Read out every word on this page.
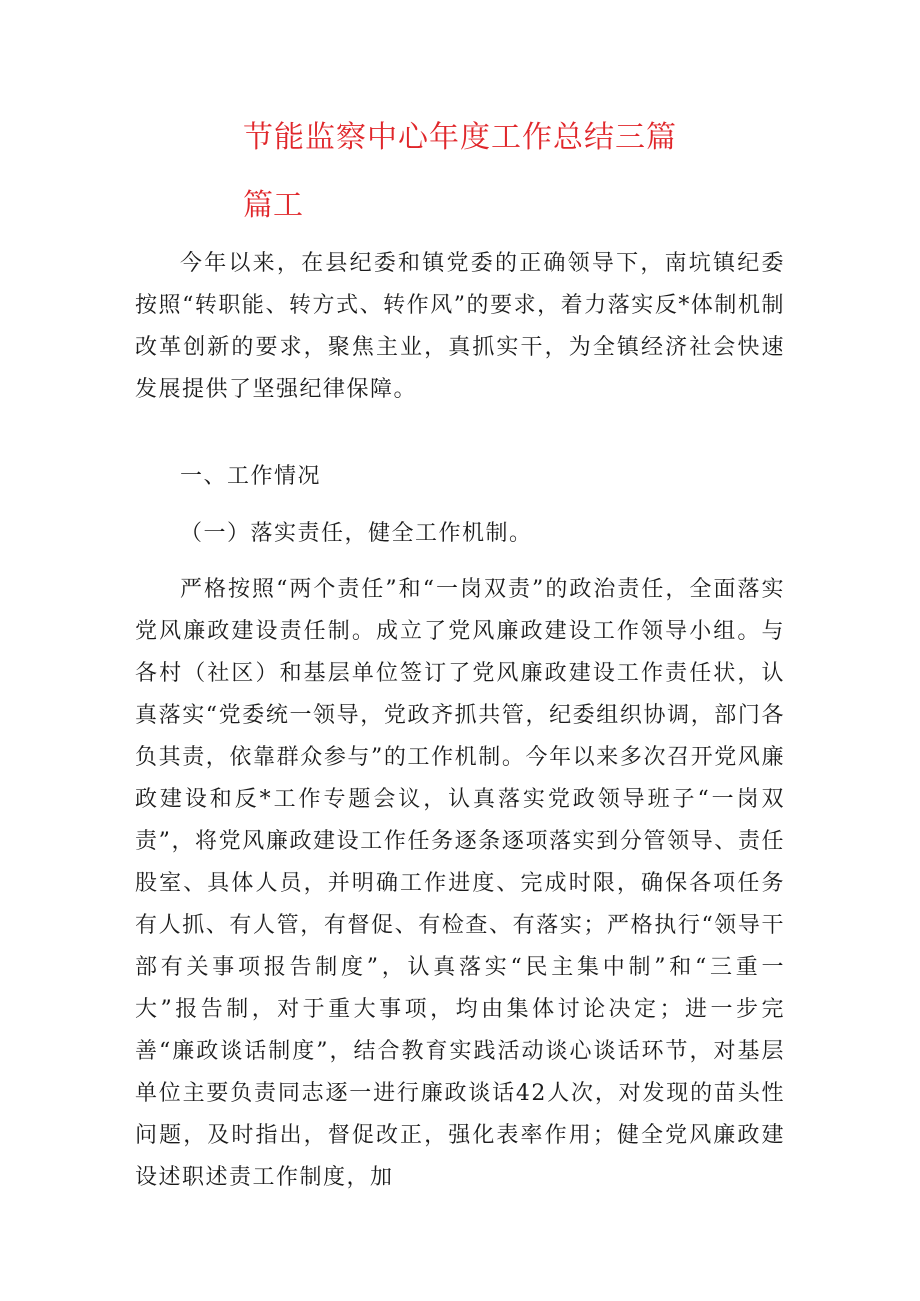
节能监察中心年度工作总结三篇
篇工

今年以来，在县纪委和镇党委的正确领导下，南坑镇纪委按照“转职能、转方式、转作风”的要求，着力落实反*体制机制改革创新的要求，聚焦主业，真抓实干，为全镇经济社会快速发展提供了坚强纪律保障。

一、工作情况

（一）落实责任，健全工作机制。

严格按照“两个责任”和“一岗双责”的政治责任，全面落实党风廉政建设责任制。成立了党风廉政建设工作领导小组。与各村（社区）和基层单位签订了党风廉政建设工作责任状，认真落实“党委统一领导，党政齐抓共管，纪委组织协调，部门各负其责，依靠群众参与”的工作机制。今年以来多次召开党风廉政建设和反*工作专题会议，认真落实党政领导班子“一岗双责”，将党风廉政建设工作任务逐条逐项落实到分管领导、责任股室、具体人员，并明确工作进度、完成时限，确保各项任务有人抓、有人管，有督促、有检查、有落实；严格执行“领导干部有关事项报告制度”，认真落实“民主集中制”和“三重一大”报告制，对于重大事项，均由集体讨论决定；进一步完善“廉政谈话制度”，结合教育实践活动谈心谈话环节，对基层单位主要负责同志逐一进行廉政谈话42人次，对发现的苗头性问题，及时指出，督促改正，强化表率作用；健全党风廉政建设述职述责工作制度，加
